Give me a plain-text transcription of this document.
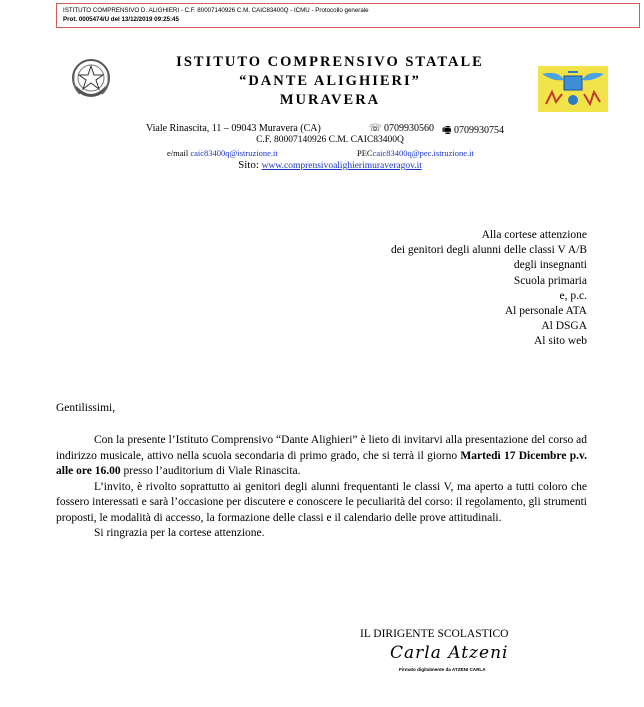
ISTITUTO COMPRENSIVO D. ALIGHIERI - C.F. 80007140926 C.M. CAIC83400Q - ICMU - Protocollo generale
Prot. 0005474/U del 13/12/2019 09:25:45
ISTITUTO COMPRENSIVO STATALE
“DANTE ALIGHIERI”
MURAVERA
Viale Rinascita, 11 – 09043 Muravera (CA)	☏ 0709930560 🖷 0709930754
C.F. 80007140926 C.M. CAIC83400Q
e/mail caic83400q@istruzione.it	PECcaic83400q@pec.istruzione.it
Sito: www.comprensivoalighierimuraveragov.it
Alla cortese attenzione
dei genitori degli alunni delle classi V A/B
degli insegnanti
Scuola primaria
e, p.c.
Al personale ATA
Al DSGA
Al sito web
Gentilissimi,
Con la presente l’Istituto Comprensivo “Dante Alighieri” è lieto di invitarvi alla presentazione del corso ad indirizzo musicale, attivo nella scuola secondaria di primo grado, che si terrà il giorno Martedì 17 Dicembre p.v. alle ore 16.00 presso l’auditorium di Viale Rinascita.
L’invito, è rivolto soprattutto ai genitori degli alunni frequentanti le classi V, ma aperto a tutti coloro che fossero interessati e sarà l’occasione per discutere e conoscere le peculiarità del corso: il regolamento, gli strumenti proposti, le modalità di accesso, la formazione delle classi e il calendario delle prove attitudinali.
Si ringrazia per la cortese attenzione.
IL DIRIGENTE SCOLASTICO
Carla Atzeni
Firmato digitalmente da ATZENI CARLA
